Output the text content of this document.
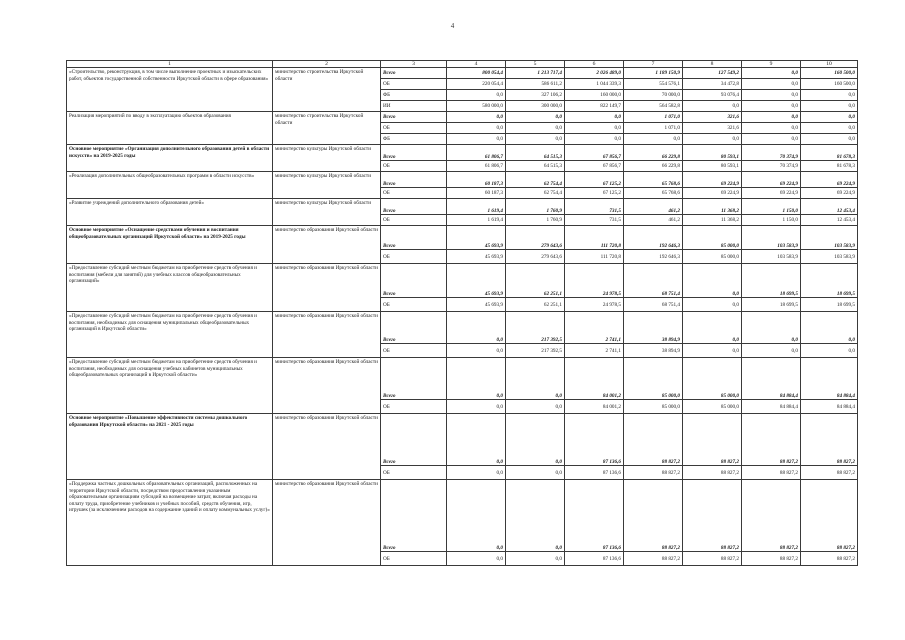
4
1	2	3	4	5	6	7	8	9	10
«Строительство, реконструкция, в том числе выполнение проектных и изыскательских работ, объектов государственной собственности Иркутской области в сфере образования»	министерство строительства Иркутской области	Всего	800 054,4	1 213 717,4	2 026 489,0	1 189 150,9	127 549,2	0,0	160 500,0
		ОБ	220 054,4	586 611,2	1 044 339,3	554 576,1	34 472,8	0,0	160 500,0
		ФБ	0,0	327 106,2	160 000,0	70 000,0	93 076,4	0,0	0,0
		ИИ	580 000,0	300 000,0	822 149,7	564 582,8	0,0	0,0	0,0
Реализация мероприятий по вводу в эксплуатацию объектов образования	министерство строительства Иркутской области	Всего	0,0	0,0	0,0	1 071,0	321,6	0,0	0,0
		ОБ	0,0	0,0	0,0	1 071,0	321,6	0,0	0,0
		ФБ	0,0	0,0	0,0	0,0	0,0	0,0	0,0
Основное мероприятие «Организация дополнительного образования детей в области искусств» на 2019-2025 годы	министерство культуры Иркутской области	Всего	61 806,7	64 515,3	67 856,7	66 229,8	80 593,1	70 374,9	81 678,3
		ОБ	61 806,7	64 515,3	67 856,7	66 229,8	80 593,1	70 374,9	81 678,3
«Реализация дополнительных общеобразовательных программ в области искусств»	министерство культуры Иркутской области	Всего	60 187,3	62 754,4	67 125,2	65 768,6	69 224,9	69 224,9	69 224,9
		ОБ	60 187,3	62 754,4	67 125,2	65 768,6	69 224,9	69 224,9	69 224,9
«Развитие учреждений дополнительного образования детей»	министерство культуры Иркутской области	Всего	1 619,4	1 760,9	731,5	461,2	11 368,2	1 150,0	12 453,4
		ОБ	1 619,4	1 760,9	731,5	461,2	11 368,2	1 150,0	12 453,4
Основное мероприятие «Оснащение средствами обучения и воспитания общеобразовательных организаций Иркутской области» на 2019-2025 годы	министерство образования Иркутской области	Всего	45 693,9	279 643,6	111 720,8	192 646,3	85 000,0	103 583,9	103 583,9
		ОБ	45 693,9	279 643,6	111 720,8	192 646,3	85 000,0	103 583,9	103 583,9
«Предоставление субсидий местным бюджетам на приобретение средств обучения и воспитания (мебели для занятий) для учебных классов общеобразовательных организаций»	министерство образования Иркутской области	Всего	45 693,9	62 251,1	24 978,5	68 751,4	0,0	18 699,5	18 699,5
		ОБ	45 693,9	62 251,1	24 978,5	68 751,4	0,0	18 699,5	18 699,5
«Предоставление субсидий местным бюджетам на приобретение средств обучения и воспитания, необходимых для оснащения муниципальных общеобразовательных организаций в Иркутской области»	министерство образования Иркутской области	Всего	0,0	217 392,5	2 741,1	38 894,9	0,0	0,0	0,0
		ОБ	0,0	217 392,5	2 741,1	38 894,9	0,0	0,0	0,0
«Предоставление субсидий местным бюджетам на приобретение средств обучения и воспитания, необходимых для оснащения учебных кабинетов муниципальных общеобразовательных организаций в Иркутской области»	министерство образования Иркутской области	Всего	0,0	0,0	84 001,2	85 000,0	85 000,0	84 884,4	84 884,4
		ОБ	0,0	0,0	84 001,2	85 000,0	85 000,0	84 884,4	84 884,4
Основное мероприятие «Повышение эффективности системы дошкольного образования Иркутской области» на 2021 - 2025 годы	министерство образования Иркутской области	Всего	0,0	0,0	87 136,6	88 827,2	88 827,2	88 827,2	88 827,2
		ОБ	0,0	0,0	87 136,6	88 827,2	88 827,2	88 827,2	88 827,2
«Поддержка частных дошкольных образовательных организаций, расположенных на территории Иркутской области, посредством предоставления указанным образовательным организациям субсидий на возмещение затрат, включая расходы на оплату труда, приобретение учебников и учебных пособий, средств обучения, игр, игрушек (за исключением расходов на содержание зданий и оплату коммунальных услуг)»	министерство образования Иркутской области	Всего	0,0	0,0	87 136,6	88 827,2	88 827,2	88 827,2	88 827,2
		ОБ	0,0	0,0	87 136,6	88 827,2	88 827,2	88 827,2	88 827,2
